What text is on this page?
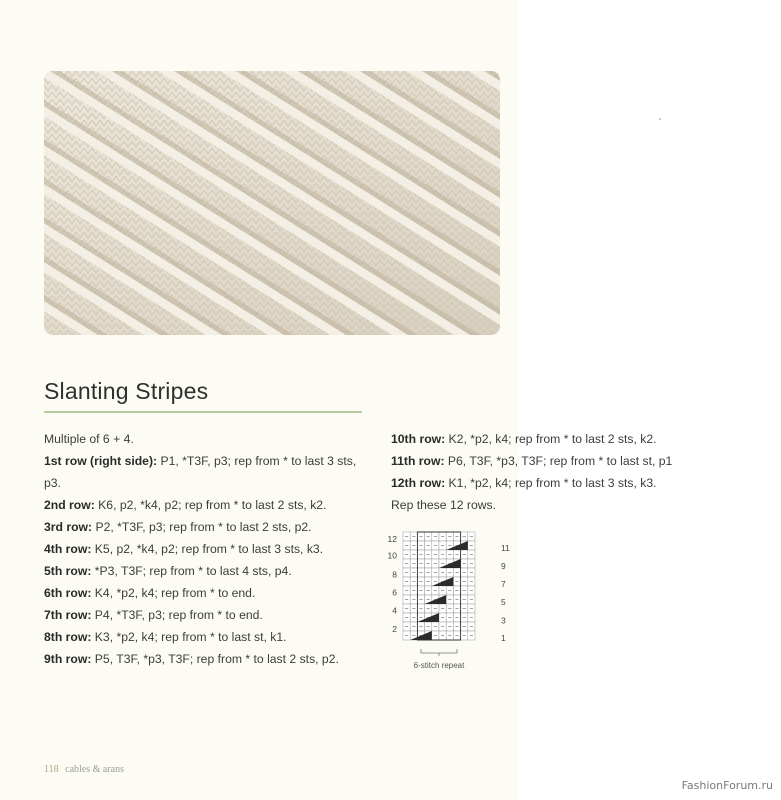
Slanting Stripes
Multiple of 6 + 4.
1st row (right side): P1, *T3F, p3; rep from * to last 3 sts,
p3.
2nd row: K6, p2, *k4, p2; rep from * to last 2 sts, k2.
3rd row: P2, *T3F, p3; rep from * to last 2 sts, p2.
4th row: K5, p2, *k4, p2; rep from * to last 3 sts, k3.
5th row: *P3, T3F; rep from * to last 4 sts, p4.
6th row: K4, *p2, k4; rep from * to end.
7th row: P4, *T3F, p3; rep from * to end.
8th row: K3, *p2, k4; rep from * to last st, k1.
9th row: P5, T3F, *p3, T3F; rep from * to last 2 sts, p2.
10th row: K2, *p2, k4; rep from * to last 2 sts, k2.
11th row: P6, T3F, *p3, T3F; rep from * to last st, p1
12th row: K1, *p2, k4; rep from * to last 3 sts, k3.
Rep these 12 rows.
12
10
8
6
4
2
11
9
7
5
3
1
6-stitch repeat
118 cables & arans
FashionForum.ru
